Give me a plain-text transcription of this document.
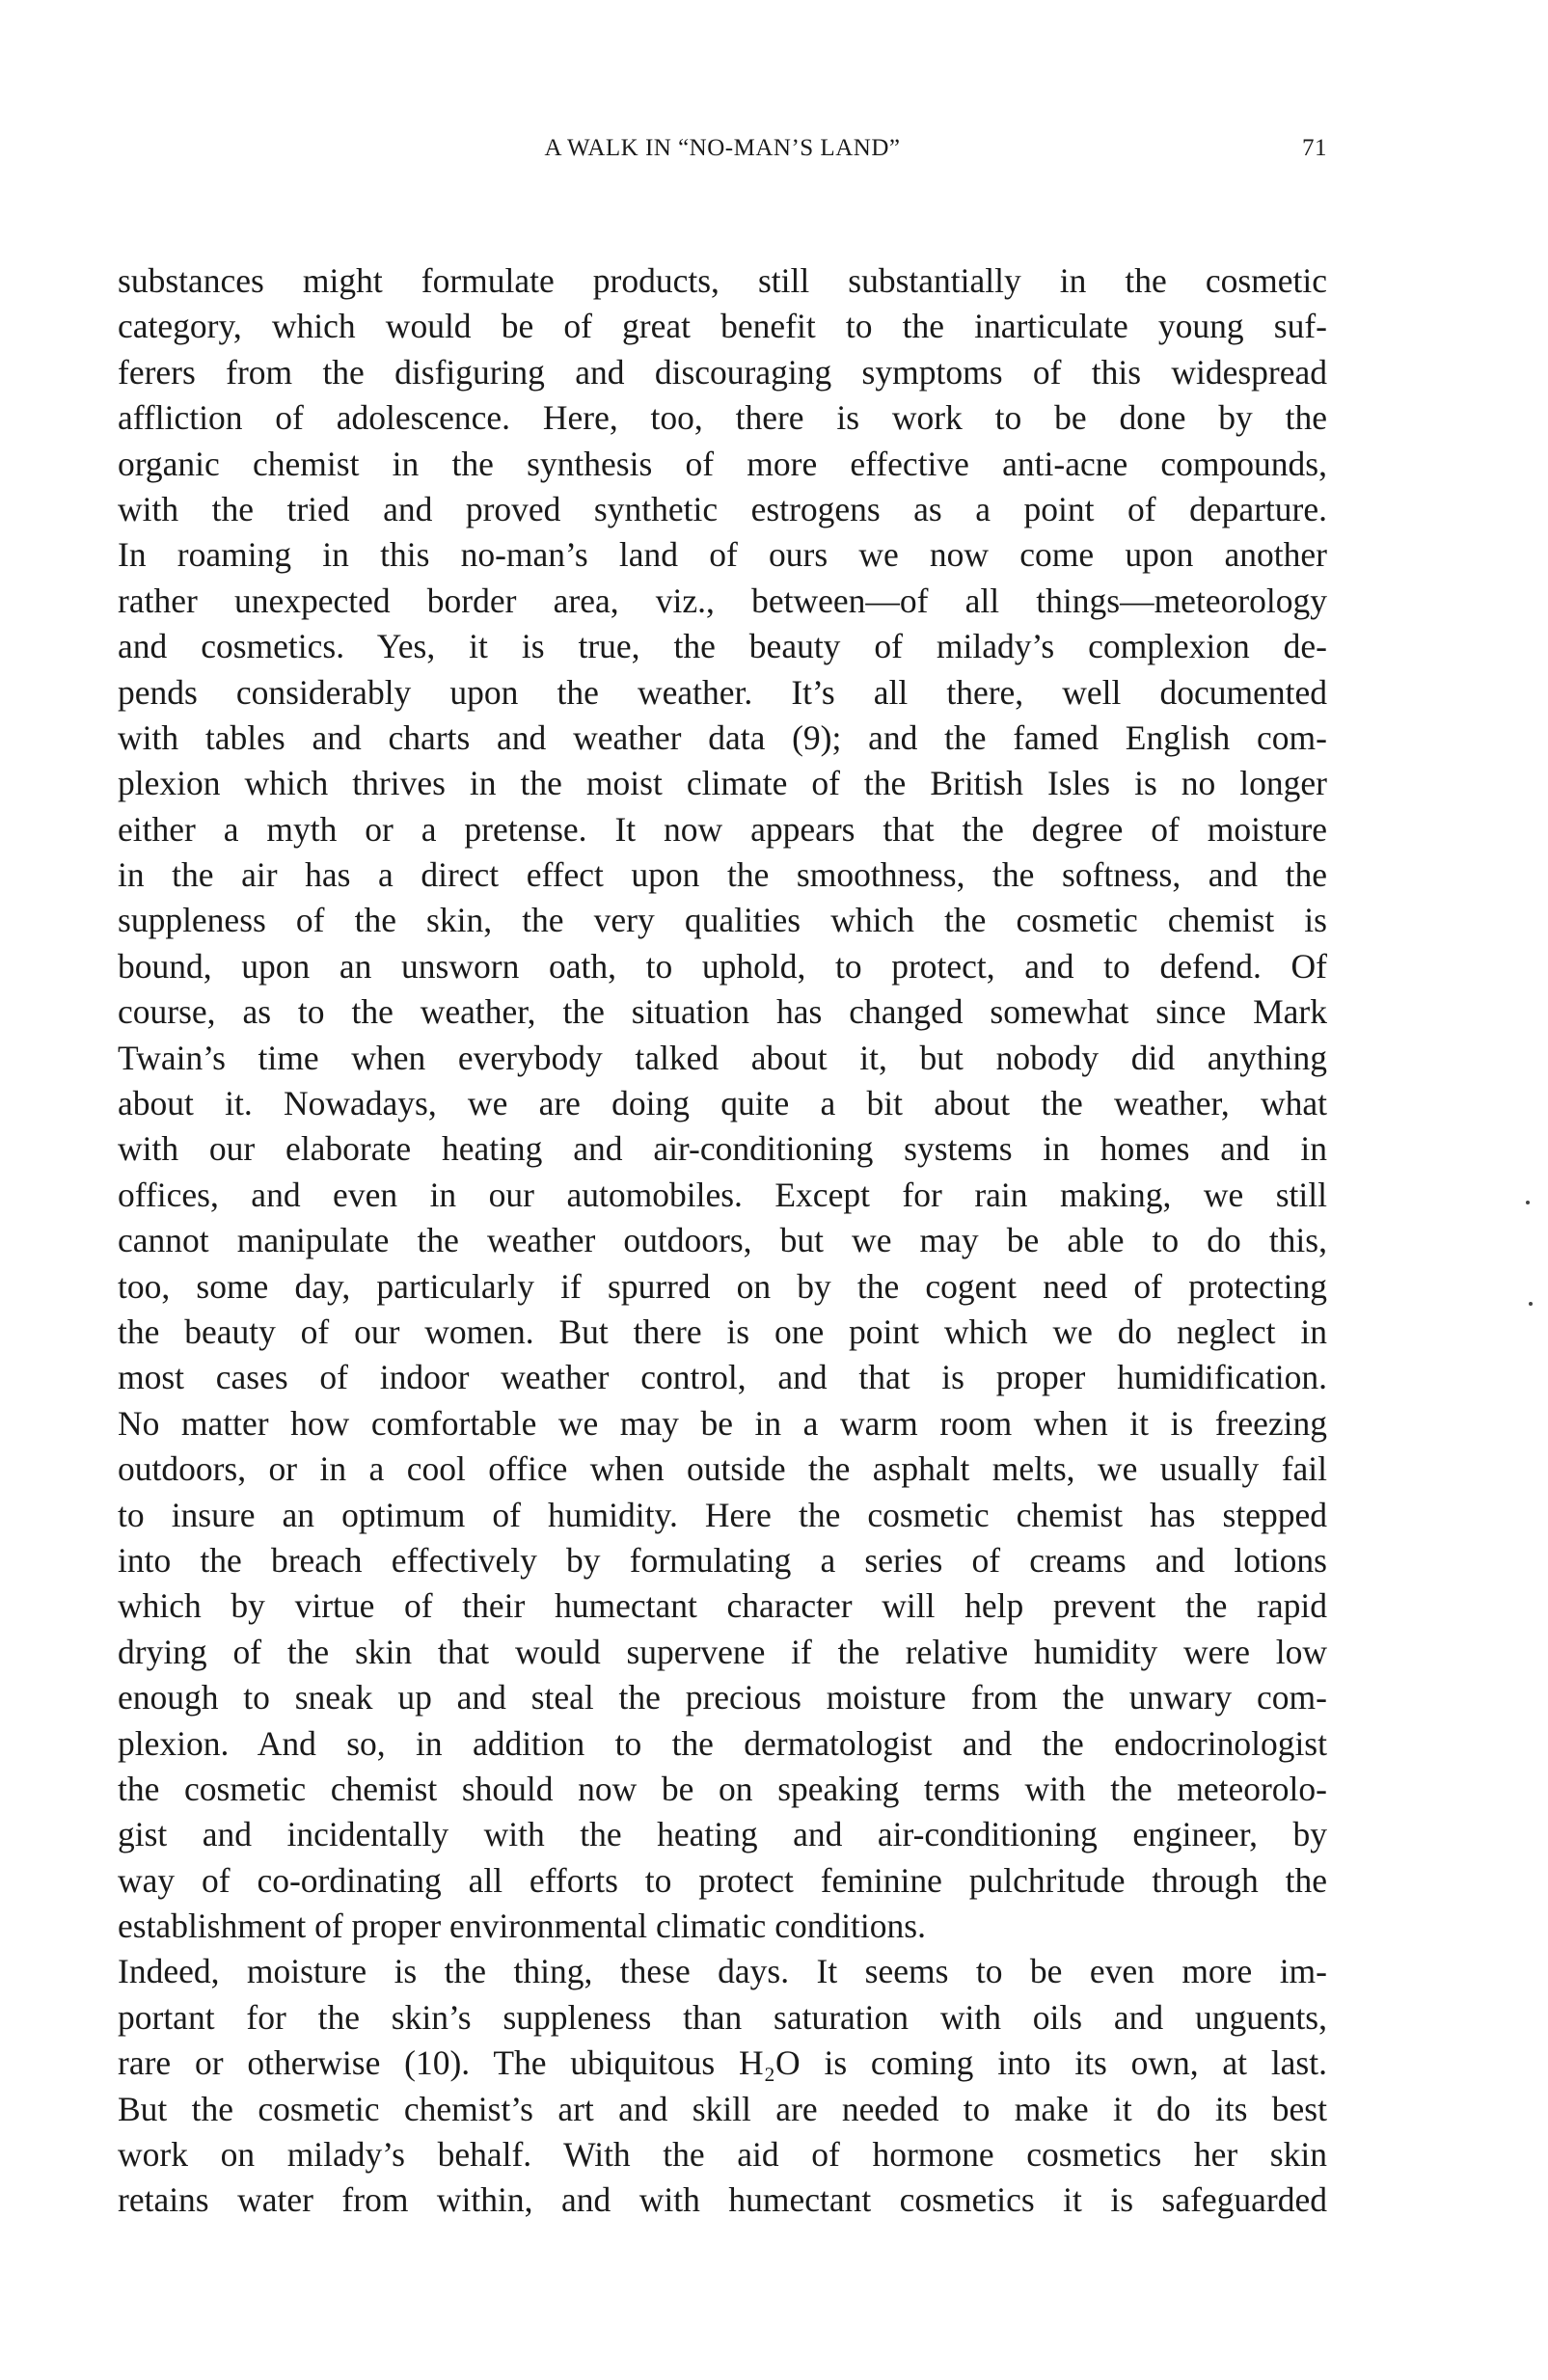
A WALK IN “NO-MAN’S LAND”	71
substances might formulate products, still substantially in the cosmetic
category, which would be of great benefit to the inarticulate young suf-
ferers from the disfiguring and discouraging symptoms of this widespread
affliction of adolescence. Here, too, there is work to be done by the
organic chemist in the synthesis of more effective anti-acne compounds,
with the tried and proved synthetic estrogens as a point of departure.
In roaming in this no-man’s land of ours we now come upon another
rather unexpected border area, viz., between—of all things—meteorology
and cosmetics. Yes, it is true, the beauty of milady’s complexion de-
pends considerably upon the weather. It’s all there, well documented
with tables and charts and weather data (9); and the famed English com-
plexion which thrives in the moist climate of the British Isles is no longer
either a myth or a pretense. It now appears that the degree of moisture
in the air has a direct effect upon the smoothness, the softness, and the
suppleness of the skin, the very qualities which the cosmetic chemist is
bound, upon an unsworn oath, to uphold, to protect, and to defend. Of
course, as to the weather, the situation has changed somewhat since Mark
Twain’s time when everybody talked about it, but nobody did anything
about it. Nowadays, we are doing quite a bit about the weather, what
with our elaborate heating and air-conditioning systems in homes and in
offices, and even in our automobiles. Except for rain making, we still
cannot manipulate the weather outdoors, but we may be able to do this,
too, some day, particularly if spurred on by the cogent need of protecting
the beauty of our women. But there is one point which we do neglect in
most cases of indoor weather control, and that is proper humidification.
No matter how comfortable we may be in a warm room when it is freezing
outdoors, or in a cool office when outside the asphalt melts, we usually fail
to insure an optimum of humidity. Here the cosmetic chemist has stepped
into the breach effectively by formulating a series of creams and lotions
which by virtue of their humectant character will help prevent the rapid
drying of the skin that would supervene if the relative humidity were low
enough to sneak up and steal the precious moisture from the unwary com-
plexion. And so, in addition to the dermatologist and the endocrinologist
the cosmetic chemist should now be on speaking terms with the meteorolo-
gist and incidentally with the heating and air-conditioning engineer, by
way of co-ordinating all efforts to protect feminine pulchritude through the
establishment of proper environmental climatic conditions.
Indeed, moisture is the thing, these days. It seems to be even more im-
portant for the skin’s suppleness than saturation with oils and unguents,
rare or otherwise (10). The ubiquitous H₂O is coming into its own, at last.
But the cosmetic chemist’s art and skill are needed to make it do its best
work on milady’s behalf. With the aid of hormone cosmetics her skin
retains water from within, and with humectant cosmetics it is safeguarded
